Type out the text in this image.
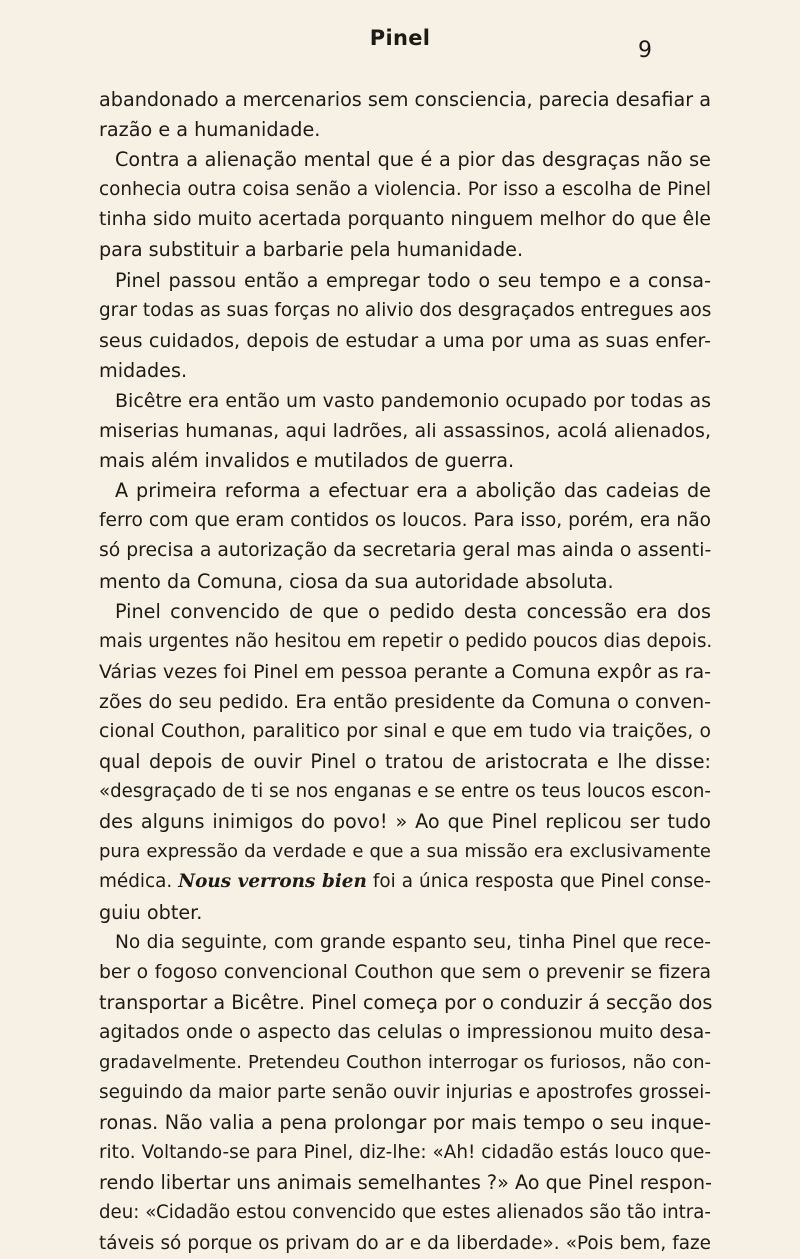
Pinel	9
abandonado a mercenarios sem consciencia, parecia desafiar a
razão e a humanidade.
Contra a alienação mental que é a pior das desgraças não se
conhecia outra coisa senão a violencia. Por isso a escolha de Pinel
tinha sido muito acertada porquanto ninguem melhor do que êle
para substituir a barbarie pela humanidade.
Pinel passou então a empregar todo o seu tempo e a consa-
grar todas as suas forças no alivio dos desgraçados entregues aos
seus cuidados, depois de estudar a uma por uma as suas enfer-
midades.
Bicêtre era então um vasto pandemonio ocupado por todas as
miserias humanas, aqui ladrões, ali assassinos, acolá alienados,
mais além invalidos e mutilados de guerra.
A primeira reforma a efectuar era a abolição das cadeias de
ferro com que eram contidos os loucos. Para isso, porém, era não
só precisa a autorização da secretaria geral mas ainda o assenti-
mento da Comuna, ciosa da sua autoridade absoluta.
Pinel convencido de que o pedido desta concessão era dos
mais urgentes não hesitou em repetir o pedido poucos dias depois.
Várias vezes foi Pinel em pessoa perante a Comuna expôr as ra-
zões do seu pedido. Era então presidente da Comuna o conven-
cional Couthon, paralitico por sinal e que em tudo via traições, o
qual depois de ouvir Pinel o tratou de aristocrata e lhe disse:
«desgraçado de ti se nos enganas e se entre os teus loucos escon-
des alguns inimigos do povo! » Ao que Pinel replicou ser tudo
pura expressão da verdade e que a sua missão era exclusivamente
médica. Nous verrons bien foi a única resposta que Pinel conse-
guiu obter.
No dia seguinte, com grande espanto seu, tinha Pinel que rece-
ber o fogoso convencional Couthon que sem o prevenir se fizera
transportar a Bicêtre. Pinel começa por o conduzir á secção dos
agitados onde o aspecto das celulas o impressionou muito desa-
gradavelmente. Pretendeu Couthon interrogar os furiosos, não con-
seguindo da maior parte senão ouvir injurias e apostrofes grossei-
ronas. Não valia a pena prolongar por mais tempo o seu inque-
rito. Voltando-se para Pinel, diz-lhe: «Ah! cidadão estás louco que-
rendo libertar uns animais semelhantes ?» Ao que Pinel respon-
deu: «Cidadão estou convencido que estes alienados são tão intra-
táveis só porque os privam do ar e da liberdade». «Pois bem, faze
